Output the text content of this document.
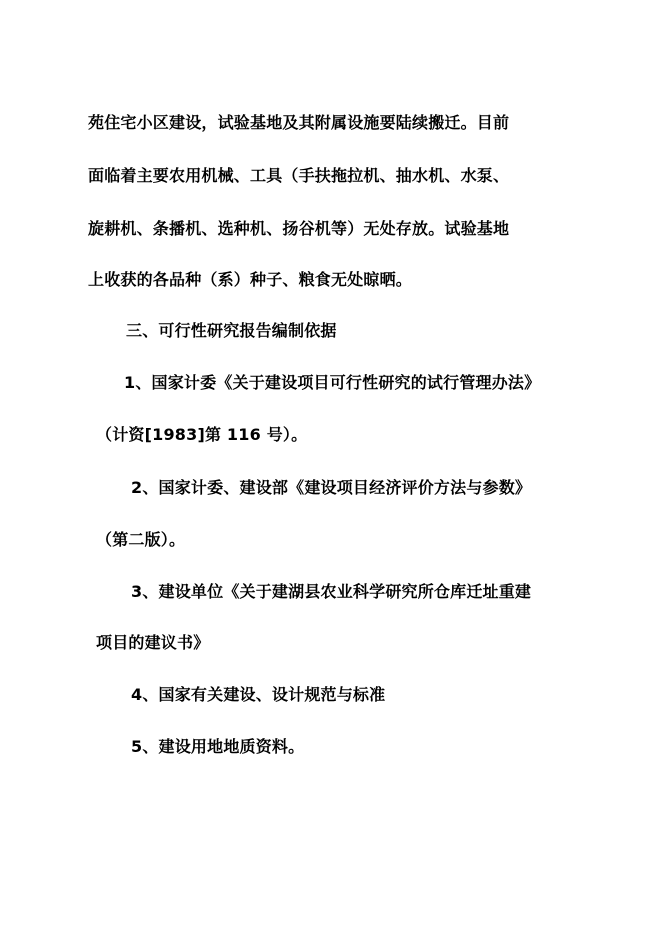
苑住宅小区建设，试验基地及其附属设施要陆续搬迁。目前

面临着主要农用机械、工具（手扶拖拉机、抽水机、水泵、

旋耕机、条播机、选种机、扬谷机等）无处存放。试验基地

上收获的各品种（系）种子、粮食无处晾晒。

三、可行性研究报告编制依据

1、国家计委《关于建设项目可行性研究的试行管理办法》

（计资[1983]第 116 号）。

2、国家计委、建设部《建设项目经济评价方法与参数》

（第二版）。

3、建设单位《关于建湖县农业科学研究所仓库迁址重建

项目的建议书》

4、国家有关建设、设计规范与标准

5、建设用地地质资料。
